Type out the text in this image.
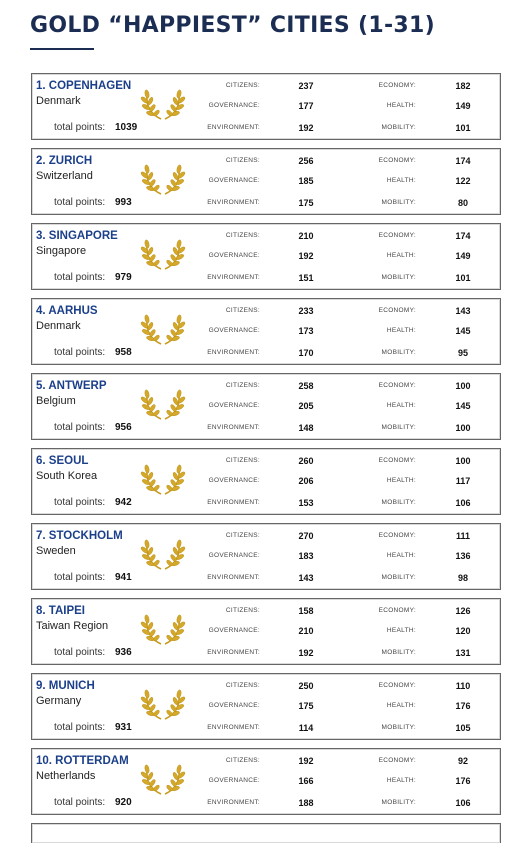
GOLD “HAPPIEST” CITIES (1-31)
1. COPENHAGEN
Denmark
CITIZENS:	237
GOVERNANCE:	177
ENVIRONMENT:	192
ECONOMY:	182
HEALTH:	149
MOBILITY:	101
total points: 1039
2. ZURICH
Switzerland
CITIZENS:	256
GOVERNANCE:	185
ENVIRONMENT:	175
ECONOMY:	174
HEALTH:	122
MOBILITY:	80
total points: 993
3. SINGAPORE
Singapore
CITIZENS:	210
GOVERNANCE:	192
ENVIRONMENT:	151
ECONOMY:	174
HEALTH:	149
MOBILITY:	101
total points: 979
4. AARHUS
Denmark
CITIZENS:	233
GOVERNANCE:	173
ENVIRONMENT:	170
ECONOMY:	143
HEALTH:	145
MOBILITY:	95
total points: 958
5. ANTWERP
Belgium
CITIZENS:	258
GOVERNANCE:	205
ENVIRONMENT:	148
ECONOMY:	100
HEALTH:	145
MOBILITY:	100
total points: 956
6. SEOUL
South Korea
CITIZENS:	260
GOVERNANCE:	206
ENVIRONMENT:	153
ECONOMY:	100
HEALTH:	117
MOBILITY:	106
total points: 942
7. STOCKHOLM
Sweden
CITIZENS:	270
GOVERNANCE:	183
ENVIRONMENT:	143
ECONOMY:	111
HEALTH:	136
MOBILITY:	98
total points: 941
8. TAIPEI
Taiwan Region
CITIZENS:	158
GOVERNANCE:	210
ENVIRONMENT:	192
ECONOMY:	126
HEALTH:	120
MOBILITY:	131
total points: 936
9. MUNICH
Germany
CITIZENS:	250
GOVERNANCE:	175
ENVIRONMENT:	114
ECONOMY:	110
HEALTH:	176
MOBILITY:	105
total points: 931
10. ROTTERDAM
Netherlands
CITIZENS:	192
GOVERNANCE:	166
ENVIRONMENT:	188
ECONOMY:	92
HEALTH:	176
MOBILITY:	106
total points: 920
